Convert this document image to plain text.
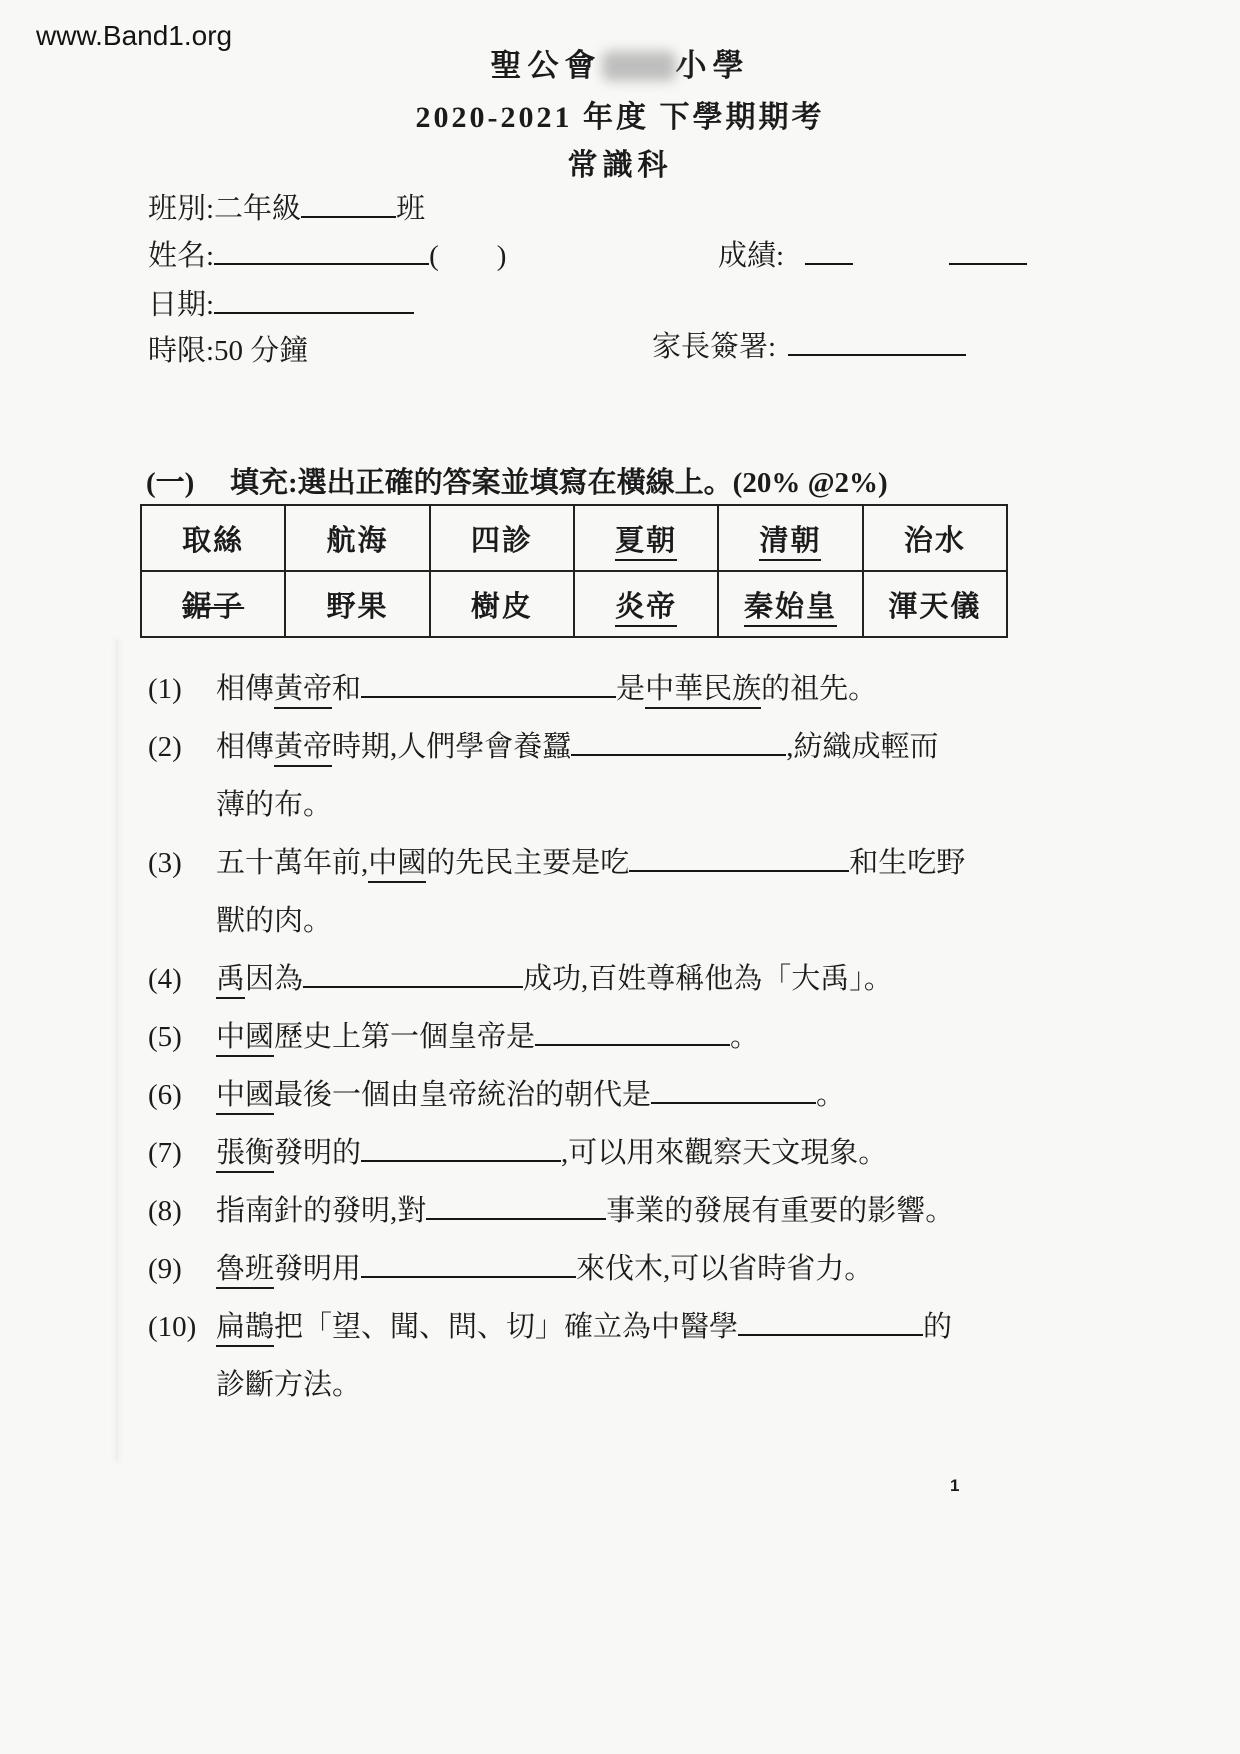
www.Band1.org
聖公會 小學
2020-2021 年度 下學期期考
常識科
班別:二年級	班
姓名:	( )	成績:
日期:
時限:50 分鐘	家長簽署:
(一)	填充:選出正確的答案並填寫在橫線上。(20% @2%)
取絲	航海	四診	夏朝	清朝	治水
鋸子	野果	樹皮	炎帝	秦始皇	渾天儀
(1)	相傳黃帝和	是中華民族的祖先。
(2)	相傳黃帝時期,人們學會養蠶	,紡織成輕而
薄的布。
(3)	五十萬年前,中國的先民主要是吃	和生吃野
獸的肉。
(4)	禹因為	成功,百姓尊稱他為「大禹」。
(5)	中國歷史上第一個皇帝是	。
(6)	中國最後一個由皇帝統治的朝代是	。
(7)	張衡發明的	,可以用來觀察天文現象。
(8)	指南針的發明,對	事業的發展有重要的影響。
(9)	魯班發明用	來伐木,可以省時省力。
(10) 扁鵲把「望、聞、問、切」確立為中醫學	的
診斷方法。
1
